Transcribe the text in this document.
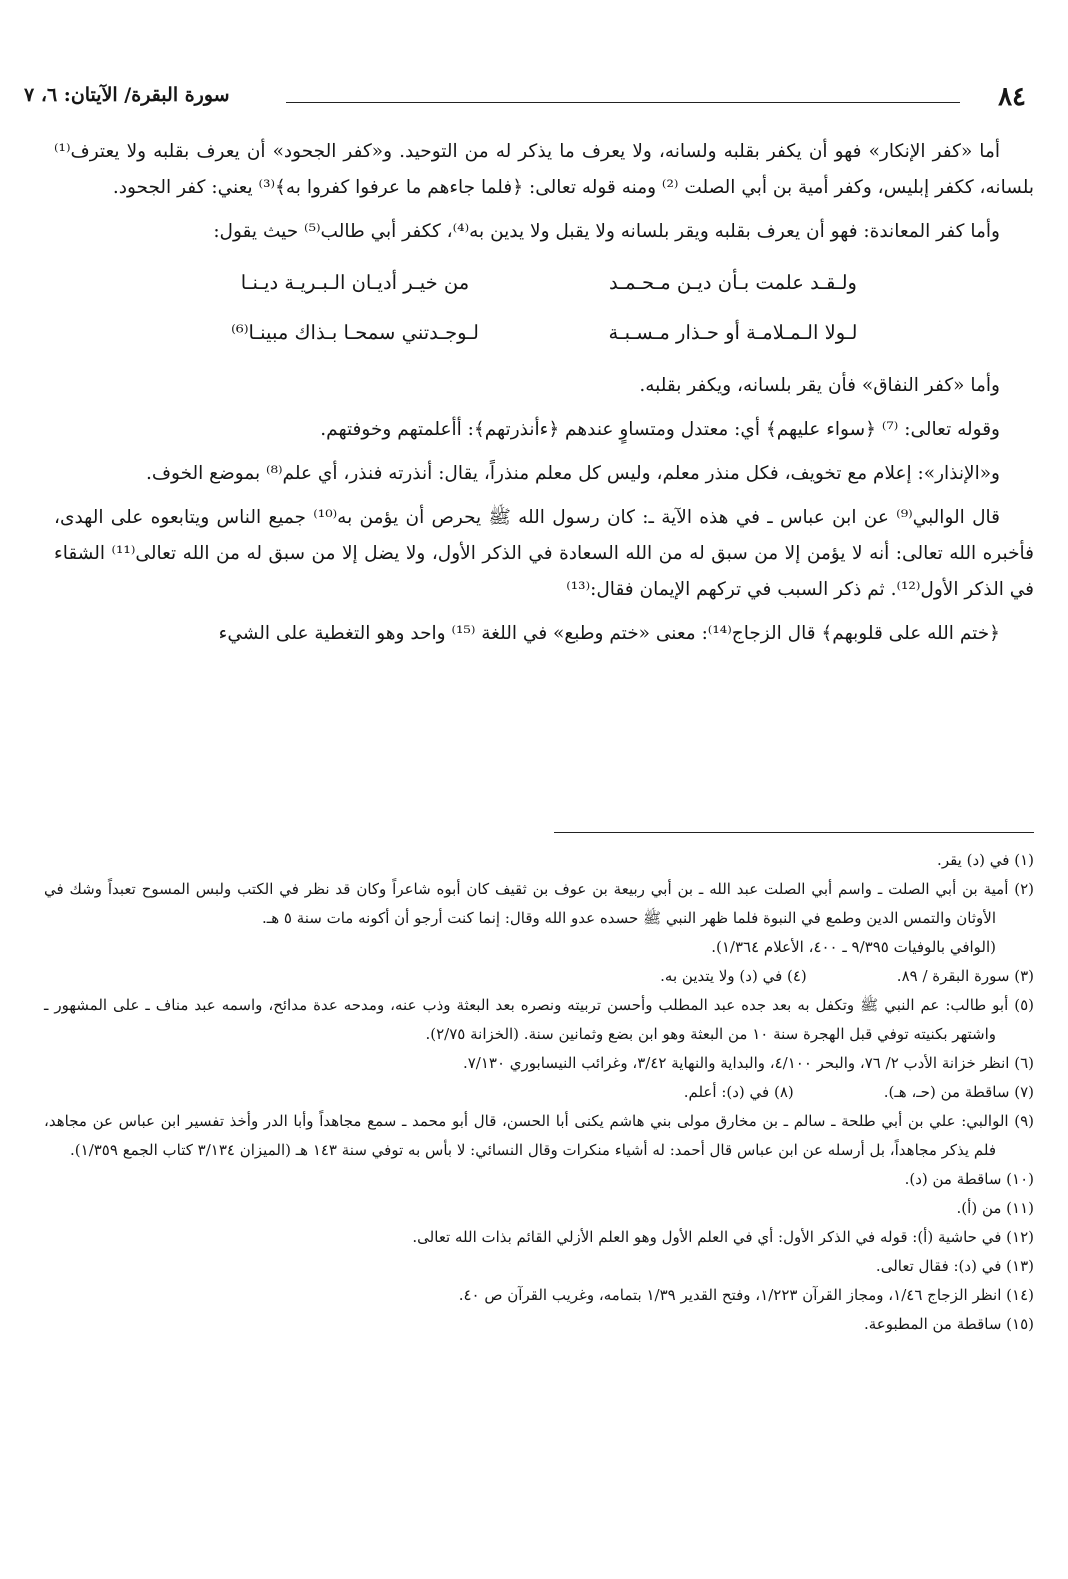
٨٤
سورة البقرة/ الآيتان: ٦، ٧

أما «كفر الإنكار» فهو أن يكفر بقلبه ولسانه، ولا يعرف ما يذكر له من التوحيد. و«كفر الجحود» أن يعرف بقلبه ولا يعترف⁽¹⁾ بلسانه، ككفر إبليس، وكفر أمية بن أبي الصلت ⁽²⁾ ومنه قوله تعالى: ﴿فلما جاءهم ما عرفوا كفروا به﴾⁽³⁾ يعني: كفر الجحود.

وأما كفر المعاندة: فهو أن يعرف بقلبه ويقر بلسانه ولا يقبل ولا يدين به⁽⁴⁾، ككفر أبي طالب⁽⁵⁾ حيث يقول:

ولـقـد علمت بـأن ديـن مـحـمـد
من خيـر أديـان الـبـريـة ديـنـا
لـولا الـمـلامـة أو حـذار مـسـبـة
لـوجـدتني سمحـا بـذاك مبينـا⁽⁶⁾

وأما «كفر النفاق» فأن يقر بلسانه، ويكفر بقلبه.

وقوله تعالى: ⁽⁷⁾ ﴿سواء عليهم﴾ أي: معتدل ومتساوٍ عندهم ﴿ءأنذرتهم﴾: أأعلمتهم وخوفتهم.

و«الإنذار»: إعلام مع تخويف، فكل منذر معلم، وليس كل معلم منذراً، يقال: أنذرته فنذر، أي علم⁽⁸⁾ بموضع الخوف.

قال الوالبي⁽⁹⁾ عن ابن عباس ـ في هذه الآية ـ: كان رسول الله ﷺ يحرص أن يؤمن به⁽¹⁰⁾ جميع الناس ويتابعوه على الهدى، فأخبره الله تعالى: أنه لا يؤمن إلا من سبق له من الله السعادة في الذكر الأول، ولا يضل إلا من سبق له من الله تعالى⁽¹¹⁾ الشقاء في الذكر الأول⁽¹²⁾. ثم ذكر السبب في تركهم الإيمان فقال:⁽¹³⁾

﴿ختم الله على قلوبهم﴾ قال الزجاج⁽¹⁴⁾: معنى «ختم وطبع» في اللغة ⁽¹⁵⁾ واحد وهو التغطية على الشيء

(١) في (د) يقر.

(٢) أمية بن أبي الصلت ـ واسم أبي الصلت عبد الله ـ بن أبي ربيعة بن عوف بن ثقيف كان أبوه شاعراً وكان قد نظر في الكتب ولبس المسوح تعبداً وشك في الأوثان والتمس الدين وطمع في النبوة فلما ظهر النبي ﷺ حسده عدو الله وقال: إنما كنت أرجو أن أكونه مات سنة ٥ هـ.

(الوافي بالوفيات ٩/٣٩٥ ـ ٤٠٠، الأعلام ١/٣٦٤).

(٣) سورة البقرة / ٨٩.

(٤) في (د) ولا يتدين به.

(٥) أبو طالب: عم النبي ﷺ وتكفل به بعد جده عبد المطلب وأحسن تربيته ونصره بعد البعثة وذب عنه، ومدحه عدة مدائح، واسمه عبد مناف ـ على المشهور ـ واشتهر بكنيته توفي قبل الهجرة سنة ١٠ من البعثة وهو ابن بضع وثمانين سنة. (الخزانة ٢/٧٥).

(٦) انظر خزانة الأدب ٢/ ٧٦، والبحر ٤/١٠٠، والبداية والنهاية ٣/٤٢، وغرائب النيسابوري ٧/١٣٠.

(٧) ساقطة من (حـ، هـ).

(٨) في (د): أعلم.

(٩) الوالبي: علي بن أبي طلحة ـ سالم ـ بن مخارق مولى بني هاشم يكنى أبا الحسن، قال أبو محمد ـ سمع مجاهداً وأبا الدر وأخذ تفسير ابن عباس عن مجاهد، فلم يذكر مجاهداً، بل أرسله عن ابن عباس قال أحمد: له أشياء منكرات وقال النسائي: لا بأس به توفي سنة ١٤٣ هـ (الميزان ٣/١٣٤ كتاب الجمع ١/٣٥٩).

(١٠) ساقطة من (د).

(١١) من (أ).

(١٢) في حاشية (أ): قوله في الذكر الأول: أي في العلم الأول وهو العلم الأزلي القائم بذات الله تعالى.

(١٣) في (د): فقال تعالى.

(١٤) انظر الزجاج ١/٤٦، ومجاز القرآن ١/٢٢٣، وفتح القدير ١/٣٩ بتمامه، وغريب القرآن ص ٤٠.

(١٥) ساقطة من المطبوعة.
